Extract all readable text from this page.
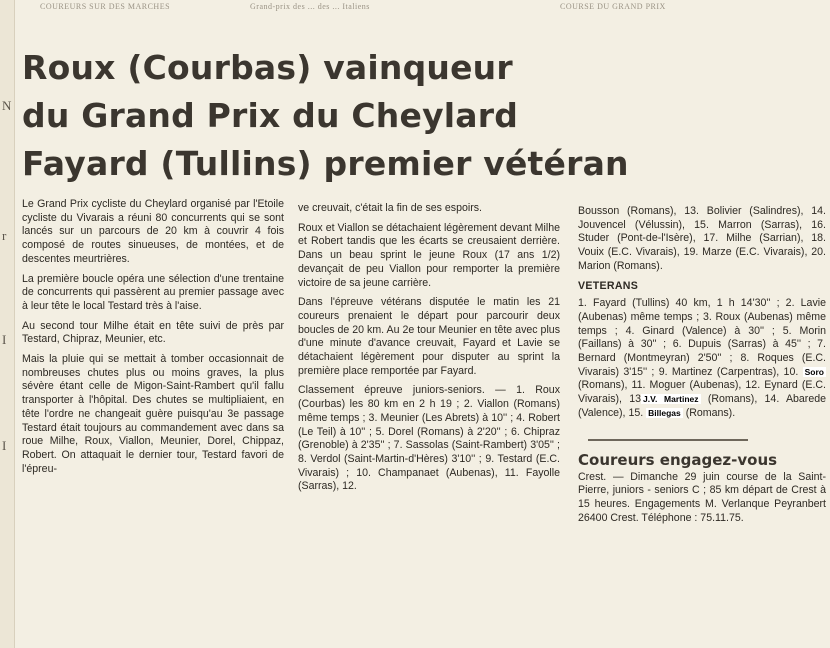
COUREURS SUR DES MARCHES	Grand-prix des ... des ... Italiens	COURSE DU GRAND PRIX
N
r
I
I
Roux (Courbas) vainqueur
du Grand Prix du Cheylard
Fayard (Tullins) premier vétéran

Le Grand Prix cycliste du Cheylard organisé par l'Etoile cycliste du Vivarais a réuni 80 concurrents qui se sont lancés sur un parcours de 20 km à couvrir 4 fois composé de routes sinueuses, de montées, et de descentes meurtrières.

La première boucle opéra une sélection d'une trentaine de concurrents qui passèrent au premier passage avec à leur tête le local Testard très à l'aise.

Au second tour Milhe était en tête suivi de près par Testard, Chipraz, Meunier, etc.

Mais la pluie qui se mettait à tomber occasionnait de nombreuses chutes plus ou moins graves, la plus sévère étant celle de Migon-Saint-Rambert qu'il fallu transporter à l'hôpital. Des chutes se multipliaient, en tête l'ordre ne changeait guère puisqu'au 3e passage Testard était toujours au commandement avec dans sa roue Milhe, Roux, Viallon, Meunier, Dorel, Chippaz, Robert. On attaquait le dernier tour, Testard favori de l'épreu-

ve creuvait, c'était la fin de ses espoirs.

Roux et Viallon se détachaient légèrement devant Milhe et Robert tandis que les écarts se creusaient derrière. Dans un beau sprint le jeune Roux (17 ans 1/2) devançait de peu Viallon pour remporter la première victoire de sa jeune carrière.

Dans l'épreuve vétérans disputée le matin les 21 coureurs prenaient le départ pour parcourir deux boucles de 20 km. Au 2e tour Meunier en tête avec plus d'une minute d'avance creuvait, Fayard et Lavie se détachaient légèrement pour disputer au sprint la première place remportée par Fayard.

Classement épreuve juniors-seniors. — 1. Roux (Courbas) les 80 km en 2 h 19 ; 2. Viallon (Romans) même temps ; 3. Meunier (Les Abrets) à 10'' ; 4. Robert (Le Teil) à 10'' ; 5. Dorel (Romans) à 2'20'' ; 6. Chipraz (Grenoble) à 2'35'' ; 7. Sassolas (Saint-Rambert) 3'05'' ; 8. Verdol (Saint-Martin-d'Hères) 3'10'' ; 9. Testard (E.C. Vivarais) ; 10. Champanaet (Aubenas), 11. Fayolle (Sarras), 12.

Bousson (Romans), 13. Bolivier (Salindres), 14. Jouvencel (Vélussin), 15. Marron (Sarras), 16. Studer (Pont-de-l'Isère), 17. Milhe (Sarrian), 18. Vouix (E.C. Vivarais), 19. Marze (E.C. Vivarais), 20. Marion (Romans).

VETERANS

1. Fayard (Tullins) 40 km, 1 h 14'30'' ; 2. Lavie (Aubenas) même temps ; 3. Roux (Aubenas) même temps ; 4. Ginard (Valence) à 30'' ; 5. Morin (Faillans) à 30'' ; 6. Dupuis (Sarras) à 45'' ; 7. Bernard (Montmeyran) 2'50'' ; 8. Roques (E.C. Vivarais) 3'15'' ; 9. Martinez (Carpentras), 10. Soro (Romans), 11. Moguer (Aubenas), 12. Eynard (E.C. Vivarais), 13 J.V. Martinez (Romans), 14. Abarede (Valence), 15. Billegas (Romans).

Coureurs engagez-vous

Crest. — Dimanche 29 juin course de la Saint-Pierre, juniors - seniors C ; 85 km départ de Crest à 15 heures. Engagements M. Verlanque Peyranbert 26400 Crest. Téléphone : 75.11.75.
